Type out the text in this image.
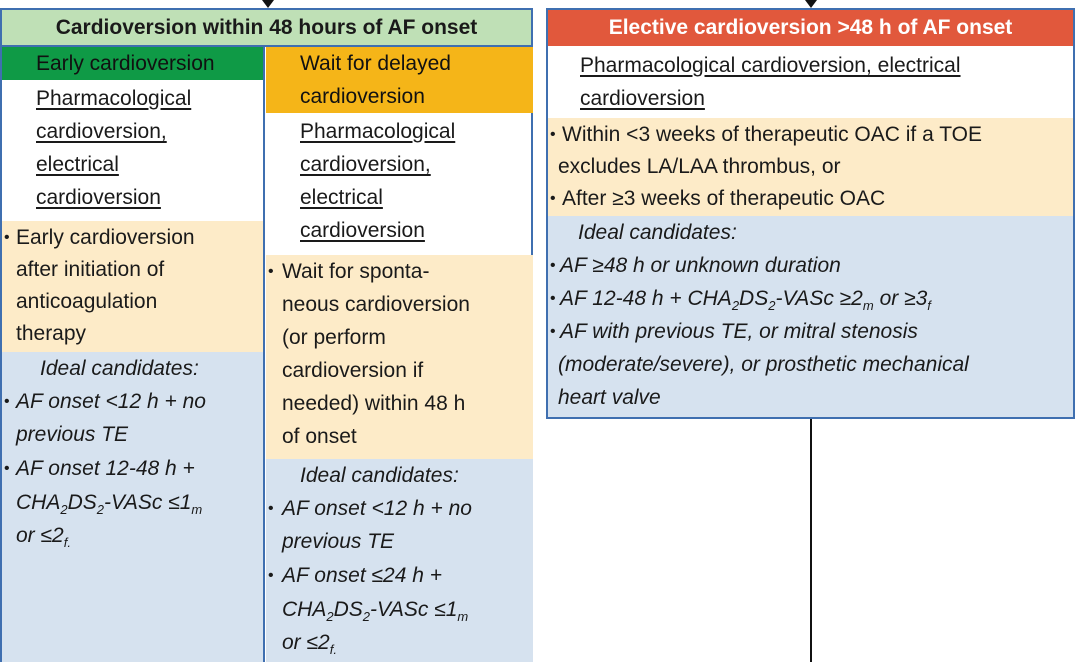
Cardioversion within 48 hours of AF onset
Early cardioversion
Pharmacological
cardioversion,
electrical
cardioversion
• Early cardioversion
after initiation of
anticoagulation
therapy
Ideal candidates:
• AF onset <12 h + no
previous TE
• AF onset 12-48 h +
$CHA_2DS_2$-VASc $\le 1_m$
or $\le 2_{f.}$
Wait for delayed
cardioversion
Pharmacological
cardioversion,
electrical
cardioversion
• Wait for sponta-
neous cardioversion
(or perform
cardioversion if
needed) within 48 h
of onset
Ideal candidates:
• AF onset <12 h + no
previous TE
• AF onset ≤24 h +
$CHA_2DS_2$-VASc $\le 1_m$
or $\le 2_{f.}$
Elective cardioversion >48 h of AF onset
Pharmacological cardioversion, electrical
cardioversion
• Within <3 weeks of therapeutic OAC if a TOE
excludes LA/LAA thrombus, or
• After ≥3 weeks of therapeutic OAC
Ideal candidates:
• AF ≥48 h or unknown duration
• AF 12-48 $h + CHA_2DS_2$-VASc $\ge 2_m$ or $\ge 3_f$
• AF with previous TE, or mitral stenosis
(moderate/severe), or prosthetic mechanical
heart valve
